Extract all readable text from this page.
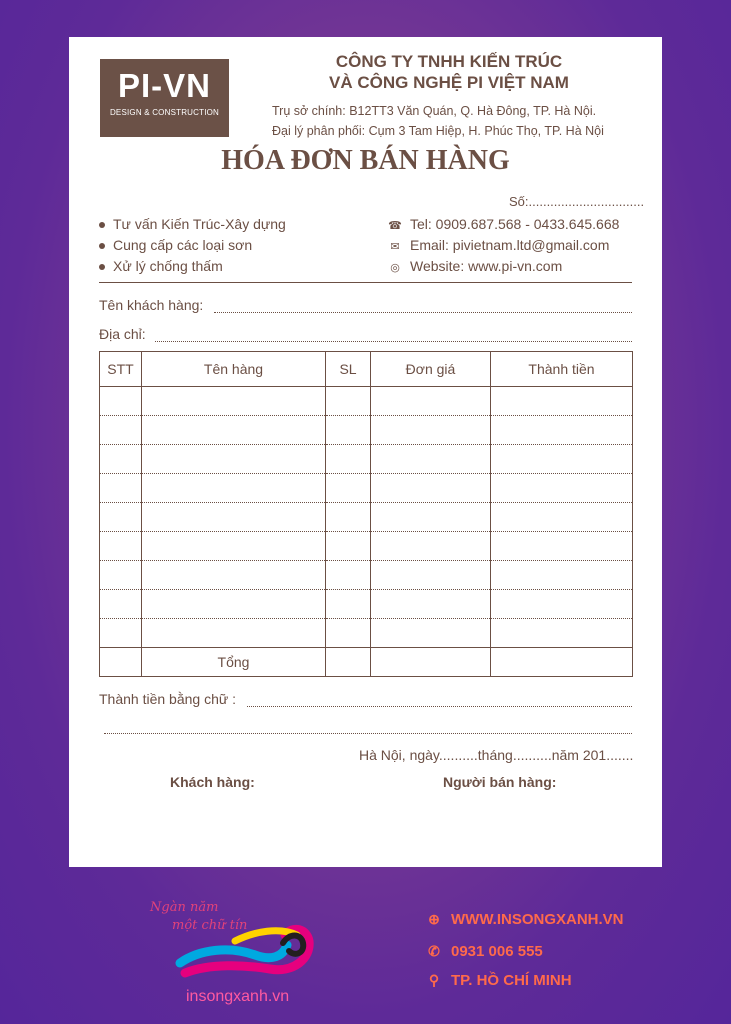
PI-VN
DESIGN & CONSTRUCTION
CÔNG TY TNHH KIẾN TRÚC
VÀ CÔNG NGHỆ PI VIỆT NAM
Trụ sở chính: B12TT3 Văn Quán, Q. Hà Đông, TP. Hà Nội.
Đại lý phân phối: Cụm 3 Tam Hiệp, H. Phúc Thọ, TP. Hà Nội
HÓA ĐƠN BÁN HÀNG
Số:................................
Tư vấn Kiến Trúc-Xây dựng
Cung cấp các loại sơn
Xử lý chống thấm
☎ Tel: 0909.687.568 - 0433.645.668
✉ Email: pivietnam.ltd@gmail.com
◎ Website: www.pi-vn.com
Tên khách hàng:
Địa chỉ:
STT	Tên hàng	SL	Đơn giá	Thành tiền

	Tổng			
Thành tiền bằng chữ :
Hà Nội, ngày..........tháng..........năm 201.......
Khách hàng:	Người bán hàng:
Ngàn năm
một chữ tín
insongxanh.vn
⊕ WWW.INSONGXANH.VN
✆ 0931 006 555
⚲ TP. HỒ CHÍ MINH
